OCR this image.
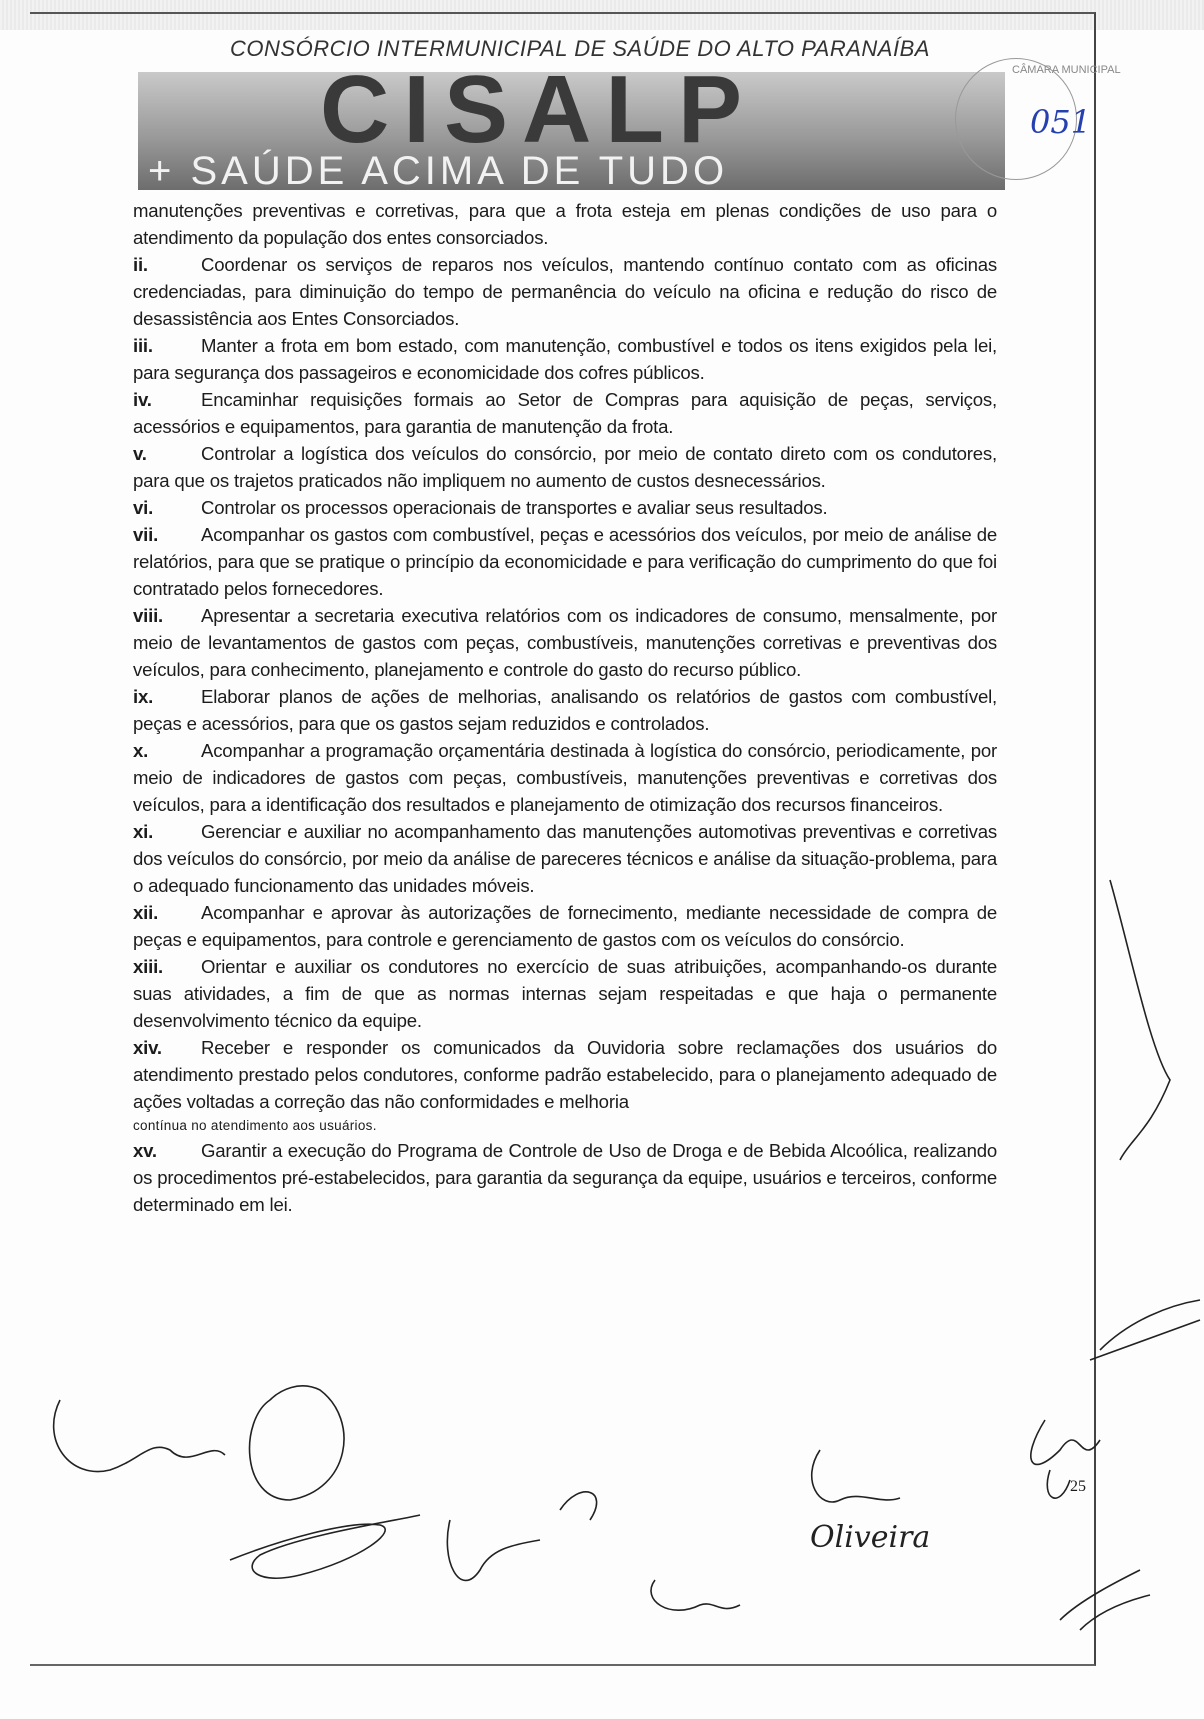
CONSÓRCIO INTERMUNICIPAL DE SAÚDE DO ALTO PARANAÍBA
CISALP
+ SAÚDE ACIMA DE TUDO
CÂMARA MUNICIPAL
051

manutenções preventivas e corretivas, para que a frota esteja em plenas condições de uso para o atendimento da população dos entes consorciados.

ii.	Coordenar os serviços de reparos nos veículos, mantendo contínuo contato com as oficinas credenciadas, para diminuição do tempo de permanência do veículo na oficina e redução do risco de desassistência aos Entes Consorciados.

iii.	Manter a frota em bom estado, com manutenção, combustível e todos os itens exigidos pela lei, para segurança dos passageiros e economicidade dos cofres públicos.

iv.	Encaminhar requisições formais ao Setor de Compras para aquisição de peças, serviços, acessórios e equipamentos, para garantia de manutenção da frota.

v.	Controlar a logística dos veículos do consórcio, por meio de contato direto com os condutores, para que os trajetos praticados não impliquem no aumento de custos desnecessários.

vi.	Controlar os processos operacionais de transportes e avaliar seus resultados.

vii. Acompanhar os gastos com combustível, peças e acessórios dos veículos, por meio de análise de relatórios, para que se pratique o princípio da economicidade e para verificação do cumprimento do que foi contratado pelos fornecedores.

viii. Apresentar a secretaria executiva relatórios com os indicadores de consumo, mensalmente, por meio de levantamentos de gastos com peças, combustíveis, manutenções corretivas e preventivas dos veículos, para conhecimento, planejamento e controle do gasto do recurso público.

ix.	Elaborar planos de ações de melhorias, analisando os relatórios de gastos com combustível, peças e acessórios, para que os gastos sejam reduzidos e controlados.

x.	Acompanhar a programação orçamentária destinada à logística do consórcio, periodicamente, por meio de indicadores de gastos com peças, combustíveis, manutenções preventivas e corretivas dos veículos, para a identificação dos resultados e planejamento de otimização dos recursos financeiros.

xi.	Gerenciar e auxiliar no acompanhamento das manutenções automotivas preventivas e corretivas dos veículos do consórcio, por meio da análise de pareceres técnicos e análise da situação-problema, para o adequado funcionamento das unidades móveis.

xii. Acompanhar e aprovar às autorizações de fornecimento, mediante necessidade de compra de peças e equipamentos, para controle e gerenciamento de gastos com os veículos do consórcio.

xiii. Orientar e auxiliar os condutores no exercício de suas atribuições, acompanhando-os durante suas atividades, a fim de que as normas internas sejam respeitadas e que haja o permanente desenvolvimento técnico da equipe.

xiv. Receber e responder os comunicados da Ouvidoria sobre reclamações dos usuários do atendimento prestado pelos condutores, conforme padrão estabelecido, para o planejamento adequado de ações voltadas a correção das não conformidades e melhoria

contínua no atendimento aos usuários.

xv. Garantir a execução do Programa de Controle de Uso de Droga e de Bebida Alcoólica, realizando os procedimentos pré-estabelecidos, para garantia da segurança da equipe, usuários e terceiros, conforme determinado em lei.

25
Oliveira
